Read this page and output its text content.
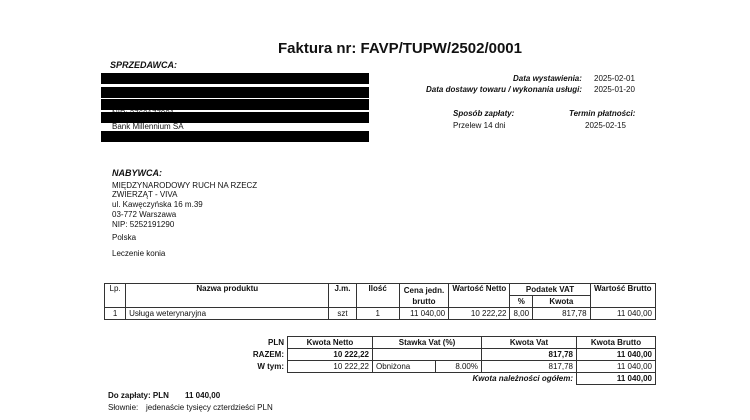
Faktura nr: FAVP/TUPW/2502/0001
SPRZEDAWCA:
Bank Millennium SA
Data wystawienia: 2025-02-01
Data dostawy towaru / wykonania usługi: 2025-01-20
Sposób zapłaty:
Przelew 14 dni
Termin płatności:
2025-02-15
NABYWCA:
MIĘDZYNARODOWY RUCH NA RZECZ
ZWIERZĄT - VIVA
ul. Kawęczyńska 16 m.39
03-772 Warszawa
NIP: 5252191290
Polska
Leczenie konia
Lp.	Nazwa produktu	J.m.	Ilość	Cena jedn. brutto	Wartość Netto	Podatek VAT		Wartość Brutto
						%	Kwota	
1	Usługa weterynaryjna	szt	1	11 040,00	10 222,22	8,00	817,78	11 040,00
PLN	Kwota Netto	Stawka Vat (%)		Kwota Vat	Kwota Brutto
RAZEM:	10 222,22			817,78	11 040,00
W tym:	10 222,22	Obniżona	8.00%	817,78	11 040,00
Kwota należności ogółem:					11 040,00
Do zapłaty: PLN 11 040,00
Słownie: jedenaście tysięcy czterdzieści PLN
